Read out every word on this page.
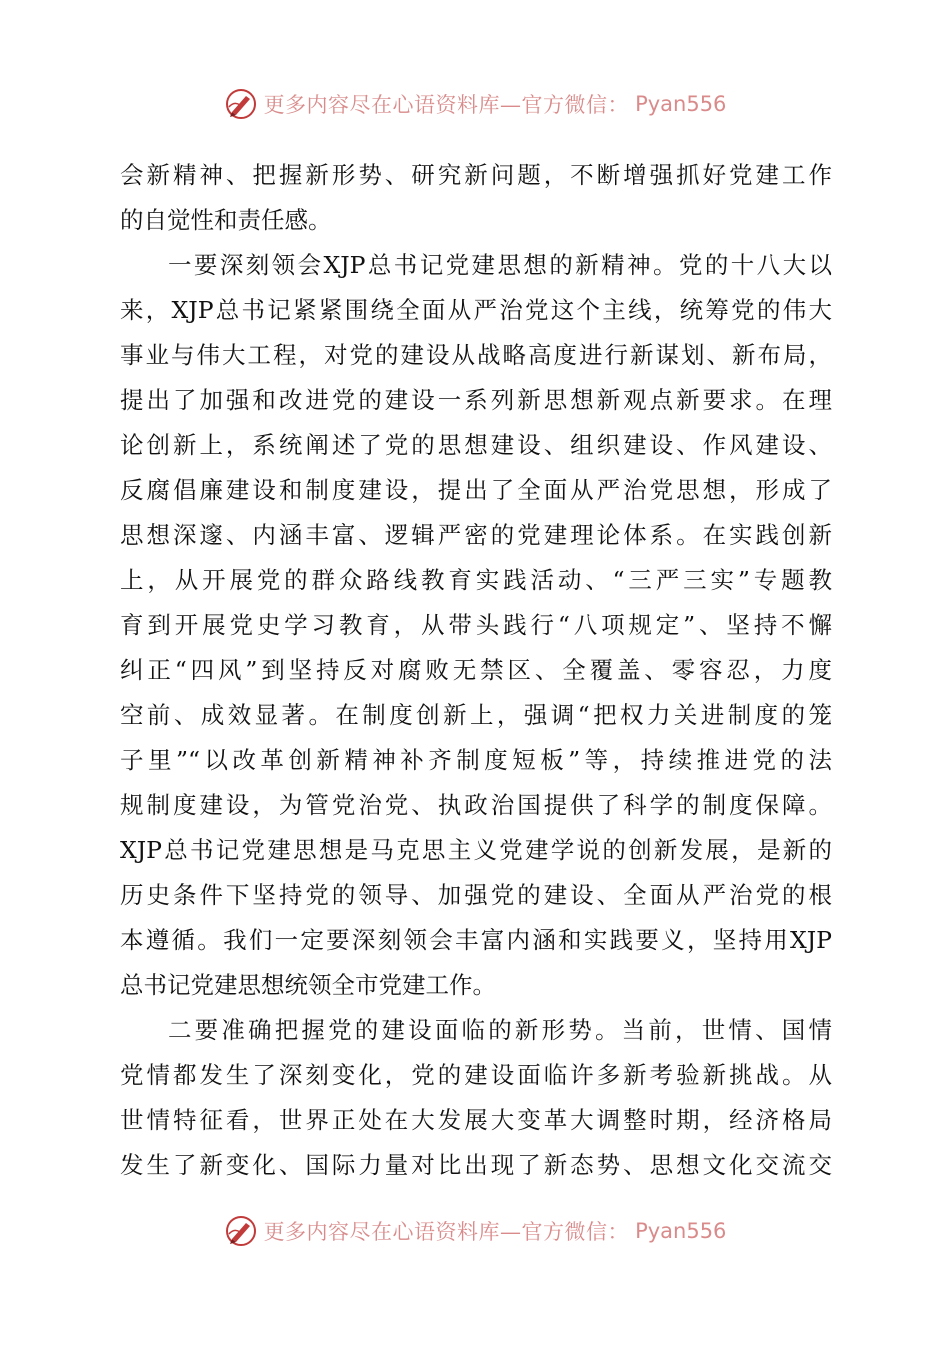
更多内容尽在心语资料库—官方微信： Pyan556
会新精神、把握新形势、研究新问题，不断增强抓好党建工作
的自觉性和责任感。
一要深刻领会XJP总书记党建思想的新精神。党的十八大以
来，XJP总书记紧紧围绕全面从严治党这个主线，统筹党的伟大
事业与伟大工程，对党的建设从战略高度进行新谋划、新布局，
提出了加强和改进党的建设一系列新思想新观点新要求。在理
论创新上，系统阐述了党的思想建设、组织建设、作风建设、
反腐倡廉建设和制度建设，提出了全面从严治党思想，形成了
思想深邃、内涵丰富、逻辑严密的党建理论体系。在实践创新
上，从开展党的群众路线教育实践活动、“三严三实”专题教
育到开展党史学习教育，从带头践行“八项规定”、坚持不懈
纠正“四风”到坚持反对腐败无禁区、全覆盖、零容忍，力度
空前、成效显著。在制度创新上，强调“把权力关进制度的笼
子里”“以改革创新精神补齐制度短板”等，持续推进党的法
规制度建设，为管党治党、执政治国提供了科学的制度保障。
XJP总书记党建思想是马克思主义党建学说的创新发展，是新的
历史条件下坚持党的领导、加强党的建设、全面从严治党的根
本遵循。我们一定要深刻领会丰富内涵和实践要义，坚持用XJP
总书记党建思想统领全市党建工作。
二要准确把握党的建设面临的新形势。当前，世情、国情
党情都发生了深刻变化，党的建设面临许多新考验新挑战。从
世情特征看，世界正处在大发展大变革大调整时期，经济格局
发生了新变化、国际力量对比出现了新态势、思想文化交流交
更多内容尽在心语资料库—官方微信： Pyan556
